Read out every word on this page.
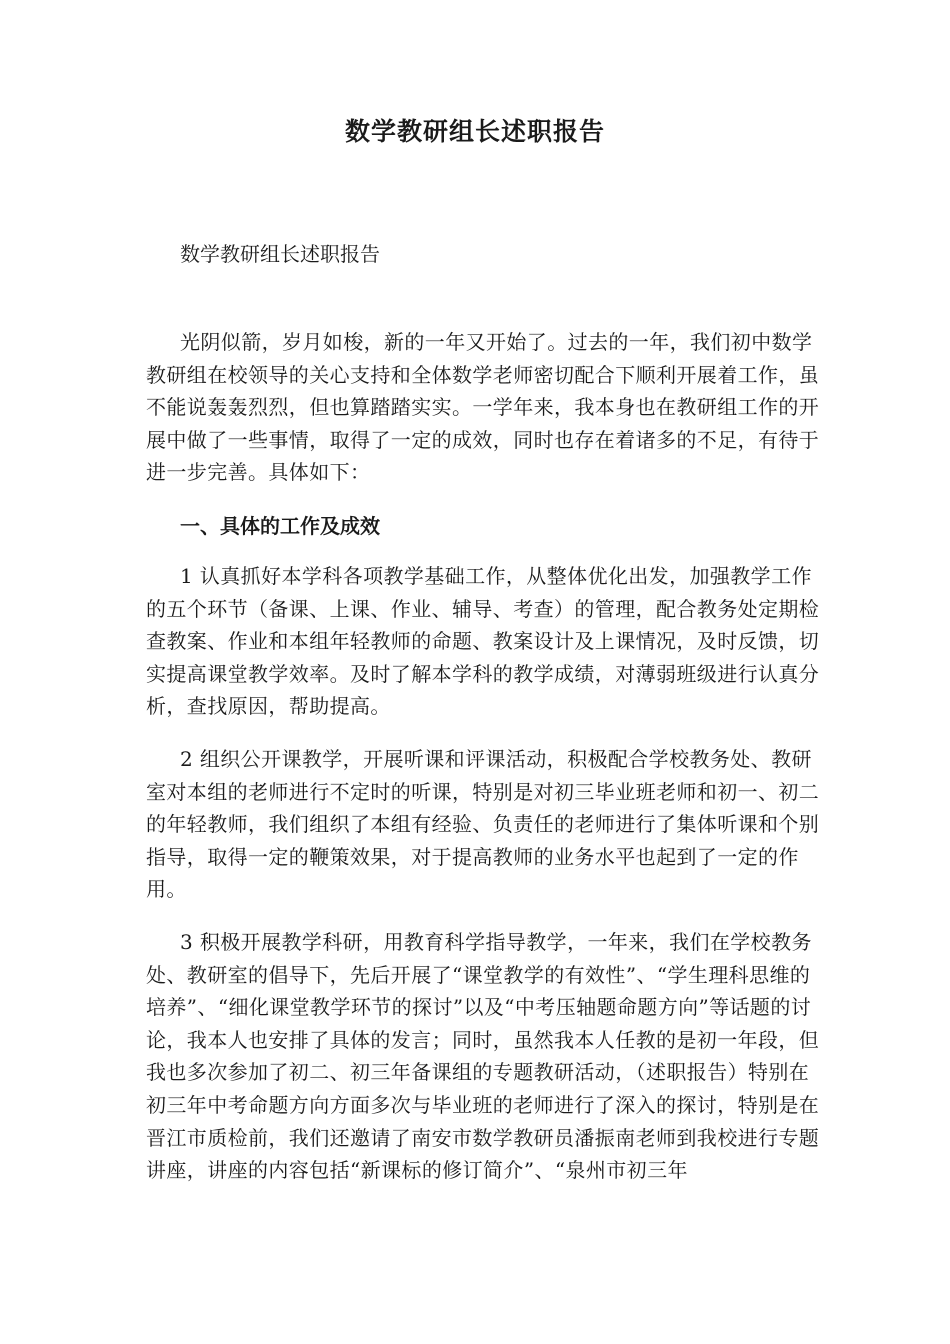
数学教研组长述职报告

数学教研组长述职报告

光阴似箭，岁月如梭，新的一年又开始了。过去的一年，我们初中数学教研组在校领导的关心支持和全体数学老师密切配合下顺利开展着工作，虽不能说轰轰烈烈，但也算踏踏实实。一学年来，我本身也在教研组工作的开展中做了一些事情，取得了一定的成效，同时也存在着诸多的不足，有待于进一步完善。具体如下：

一、具体的工作及成效

1 认真抓好本学科各项教学基础工作，从整体优化出发，加强教学工作的五个环节（备课、上课、作业、辅导、考查）的管理，配合教务处定期检查教案、作业和本组年轻教师的命题、教案设计及上课情况，及时反馈，切实提高课堂教学效率。及时了解本学科的教学成绩，对薄弱班级进行认真分析，查找原因，帮助提高。

2 组织公开课教学，开展听课和评课活动，积极配合学校教务处、教研室对本组的老师进行不定时的听课，特别是对初三毕业班老师和初一、初二的年轻教师，我们组织了本组有经验、负责任的老师进行了集体听课和个别指导，取得一定的鞭策效果，对于提高教师的业务水平也起到了一定的作用。

3 积极开展教学科研，用教育科学指导教学，一年来，我们在学校教务处、教研室的倡导下，先后开展了“课堂教学的有效性”、“学生理科思维的培养”、“细化课堂教学环节的探讨”以及“中考压轴题命题方向”等话题的讨论，我本人也安排了具体的发言；同时，虽然我本人任教的是初一年段，但我也多次参加了初二、初三年备课组的专题教研活动，（述职报告）特别在初三年中考命题方向方面多次与毕业班的老师进行了深入的探讨，特别是在晋江市质检前，我们还邀请了南安市数学教研员潘振南老师到我校进行专题讲座，讲座的内容包括“新课标的修订简介”、“泉州市初三年
